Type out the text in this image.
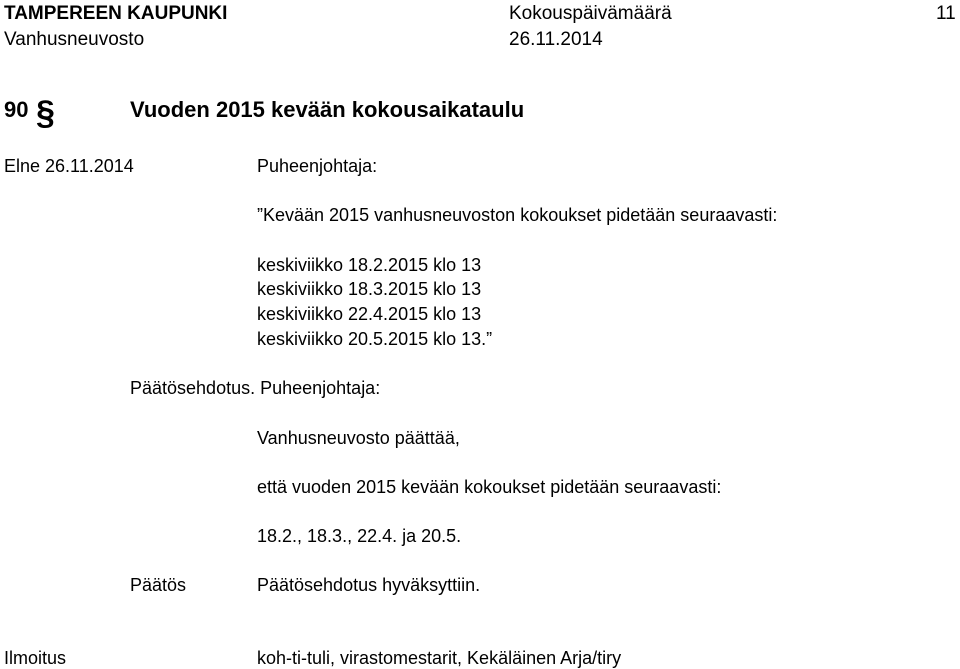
TAMPEREEN KAUPUNKI	Kokouspäivämäärä	11
Vanhusneuvosto	26.11.2014
90 §	Vuoden 2015 kevään kokousaikataulu
Elne 26.11.2014	Puheenjohtaja:
”Kevään 2015 vanhusneuvoston kokoukset pidetään seuraavasti:
keskiviikko 18.2.2015 klo 13
keskiviikko 18.3.2015 klo 13
keskiviikko 22.4.2015 klo 13
keskiviikko 20.5.2015 klo 13.”
Päätösehdotus. Puheenjohtaja:
Vanhusneuvosto päättää,
että vuoden 2015 kevään kokoukset pidetään seuraavasti:
18.2., 18.3., 22.4. ja 20.5.
Päätös	Päätösehdotus hyväksyttiin.
Ilmoitus	koh-ti-tuli, virastomestarit, Kekäläinen Arja/tiry
